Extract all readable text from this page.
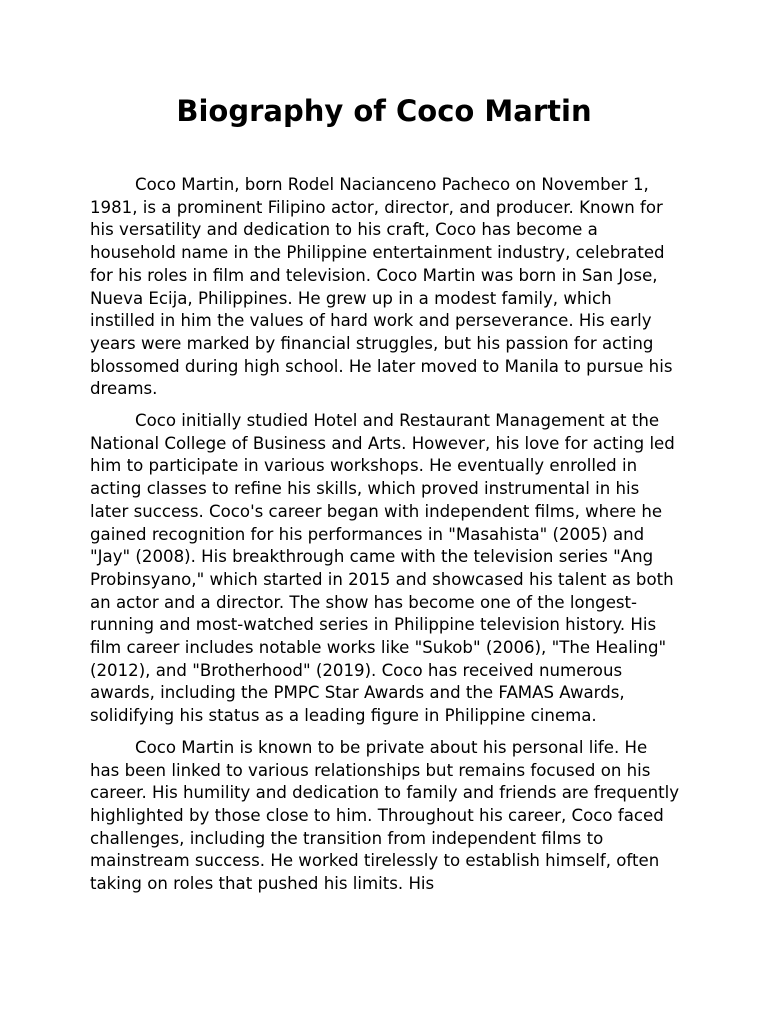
Biography of Coco Martin

Coco Martin, born Rodel Nacianceno Pacheco on November 1, 1981, is a prominent Filipino actor, director, and producer. Known for his versatility and dedication to his craft, Coco has become a household name in the Philippine entertainment industry, celebrated for his roles in film and television. Coco Martin was born in San Jose, Nueva Ecija, Philippines. He grew up in a modest family, which instilled in him the values of hard work and perseverance. His early years were marked by financial struggles, but his passion for acting blossomed during high school. He later moved to Manila to pursue his dreams.

Coco initially studied Hotel and Restaurant Management at the National College of Business and Arts. However, his love for acting led him to participate in various workshops. He eventually enrolled in acting classes to refine his skills, which proved instrumental in his later success. Coco's career began with independent films, where he gained recognition for his performances in "Masahista" (2005) and "Jay" (2008). His breakthrough came with the television series "Ang Probinsyano," which started in 2015 and showcased his talent as both an actor and a director. The show has become one of the longest-running and most-watched series in Philippine television history. His film career includes notable works like "Sukob" (2006), "The Healing" (2012), and "Brotherhood" (2019). Coco has received numerous awards, including the PMPC Star Awards and the FAMAS Awards, solidifying his status as a leading figure in Philippine cinema.

Coco Martin is known to be private about his personal life. He has been linked to various relationships but remains focused on his career. His humility and dedication to family and friends are frequently highlighted by those close to him. Throughout his career, Coco faced challenges, including the transition from independent films to mainstream success. He worked tirelessly to establish himself, often taking on roles that pushed his limits. His
